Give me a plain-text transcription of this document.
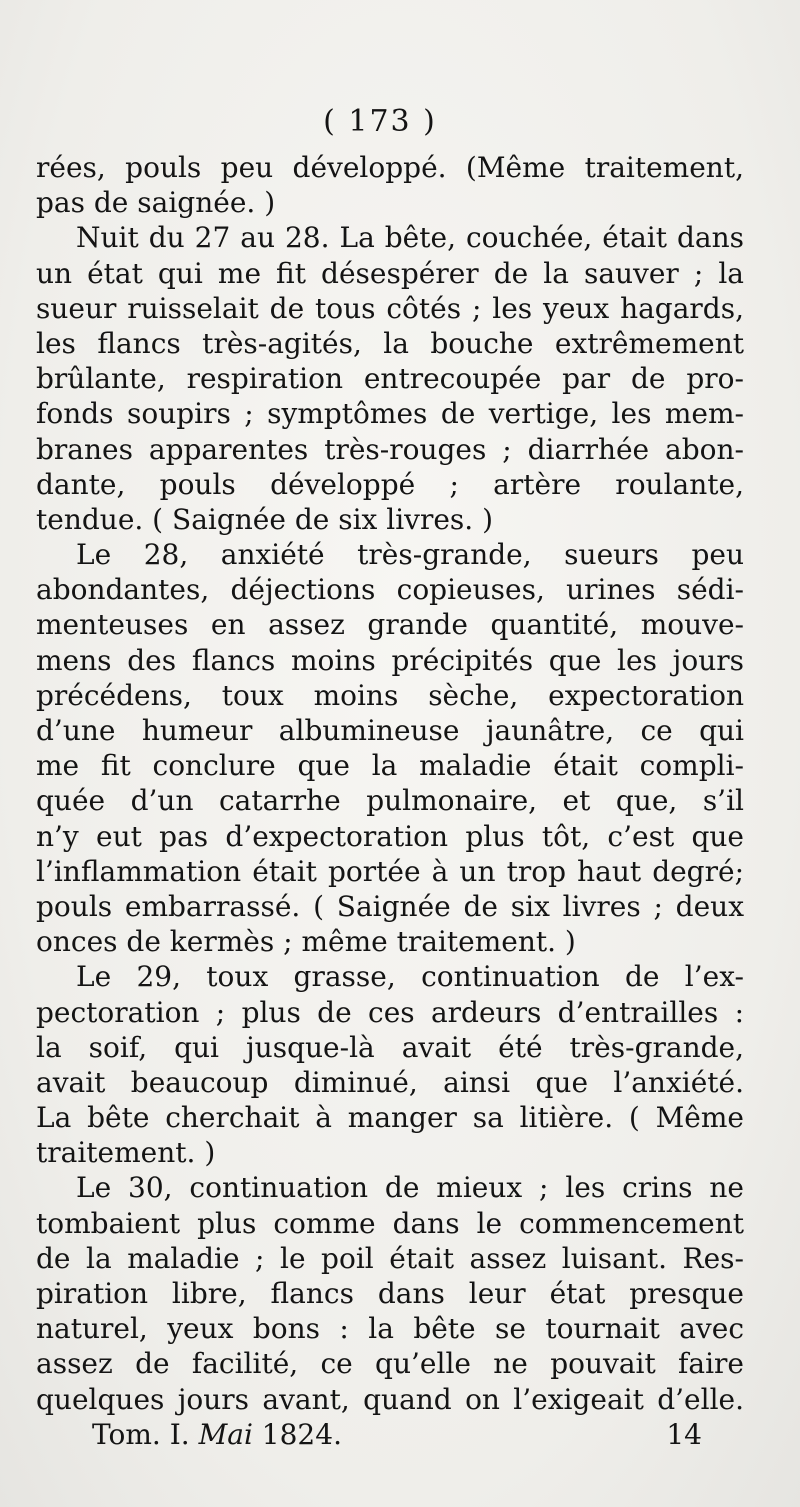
( 173 )
rées, pouls peu développé. (Même traitement,
pas de saignée. )
Nuit du 27 au 28. La bête, couchée, était dans
un état qui me fit désespérer de la sauver ; la
sueur ruisselait de tous côtés ; les yeux hagards,
les flancs très-agités, la bouche extrêmement
brûlante, respiration entrecoupée par de pro-
fonds soupirs ; symptômes de vertige, les mem-
branes apparentes très-rouges ; diarrhée abon-
dante, pouls développé ; artère roulante,
tendue. ( Saignée de six livres. )
Le 28, anxiété très-grande, sueurs peu
abondantes, déjections copieuses, urines sédi-
menteuses en assez grande quantité, mouve-
mens des flancs moins précipités que les jours
précédens, toux moins sèche, expectoration
d’une humeur albumineuse jaunâtre, ce qui
me fit conclure que la maladie était compli-
quée d’un catarrhe pulmonaire, et que, s’il
n’y eut pas d’expectoration plus tôt, c’est que
l’inflammation était portée à un trop haut degré;
pouls embarrassé. ( Saignée de six livres ; deux
onces de kermès ; même traitement. )
Le 29, toux grasse, continuation de l’ex-
pectoration ; plus de ces ardeurs d’entrailles :
la soif, qui jusque-là avait été très-grande,
avait beaucoup diminué, ainsi que l’anxiété.
La bête cherchait à manger sa litière. ( Même
traitement. )
Le 30, continuation de mieux ; les crins ne
tombaient plus comme dans le commencement
de la maladie ; le poil était assez luisant. Res-
piration libre, flancs dans leur état presque
naturel, yeux bons : la bête se tournait avec
assez de facilité, ce qu’elle ne pouvait faire
quelques jours avant, quand on l’exigeait d’elle.
Tom. I. Mai 1824.	14
